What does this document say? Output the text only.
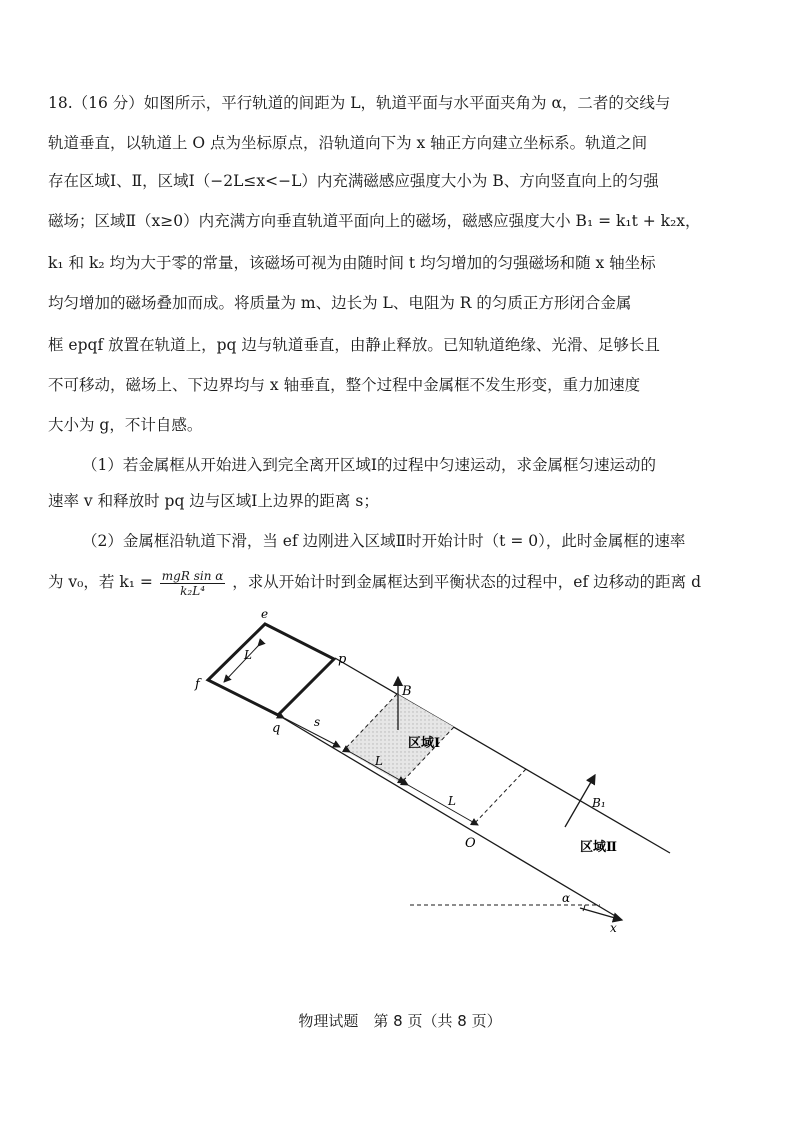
18.（16 分）如图所示，平行轨道的间距为 L，轨道平面与水平面夹角为 α，二者的交线与
轨道垂直，以轨道上 O 点为坐标原点，沿轨道向下为 x 轴正方向建立坐标系。轨道之间
存在区域Ⅰ、Ⅱ，区域Ⅰ（−2L≤x<−L）内充满磁感应强度大小为 B、方向竖直向上的匀强
磁场；区域Ⅱ（x≥0）内充满方向垂直轨道平面向上的磁场，磁感应强度大小 B₁ = k₁t + k₂x，
k₁ 和 k₂ 均为大于零的常量，该磁场可视为由随时间 t 均匀增加的匀强磁场和随 x 轴坐标
均匀增加的磁场叠加而成。将质量为 m、边长为 L、电阻为 R 的匀质正方形闭合金属
框 epqf 放置在轨道上，pq 边与轨道垂直，由静止释放。已知轨道绝缘、光滑、足够长且
不可移动，磁场上、下边界均与 x 轴垂直，整个过程中金属框不发生形变，重力加速度
大小为 g，不计自感。
（1）若金属框从开始进入到完全离开区域Ⅰ的过程中匀速运动，求金属框匀速运动的
速率 v 和释放时 pq 边与区域Ⅰ上边界的距离 s；
（2）金属框沿轨道下滑，当 ef 边刚进入区域Ⅱ时开始计时（t = 0），此时金属框的速率
为 v₀，若 $k_1 = \frac{\text{mgR sin α}}{\text{k₂L⁴}}$ ，求从开始计时到金属框达到平衡状态的过程中，ef 边移动的距离 d
L
s
L
L
B
区域Ⅰ
B₁
区域Ⅱ
O
e
p
f
q
α
x
物理试题　第 8 页（共 8 页）
